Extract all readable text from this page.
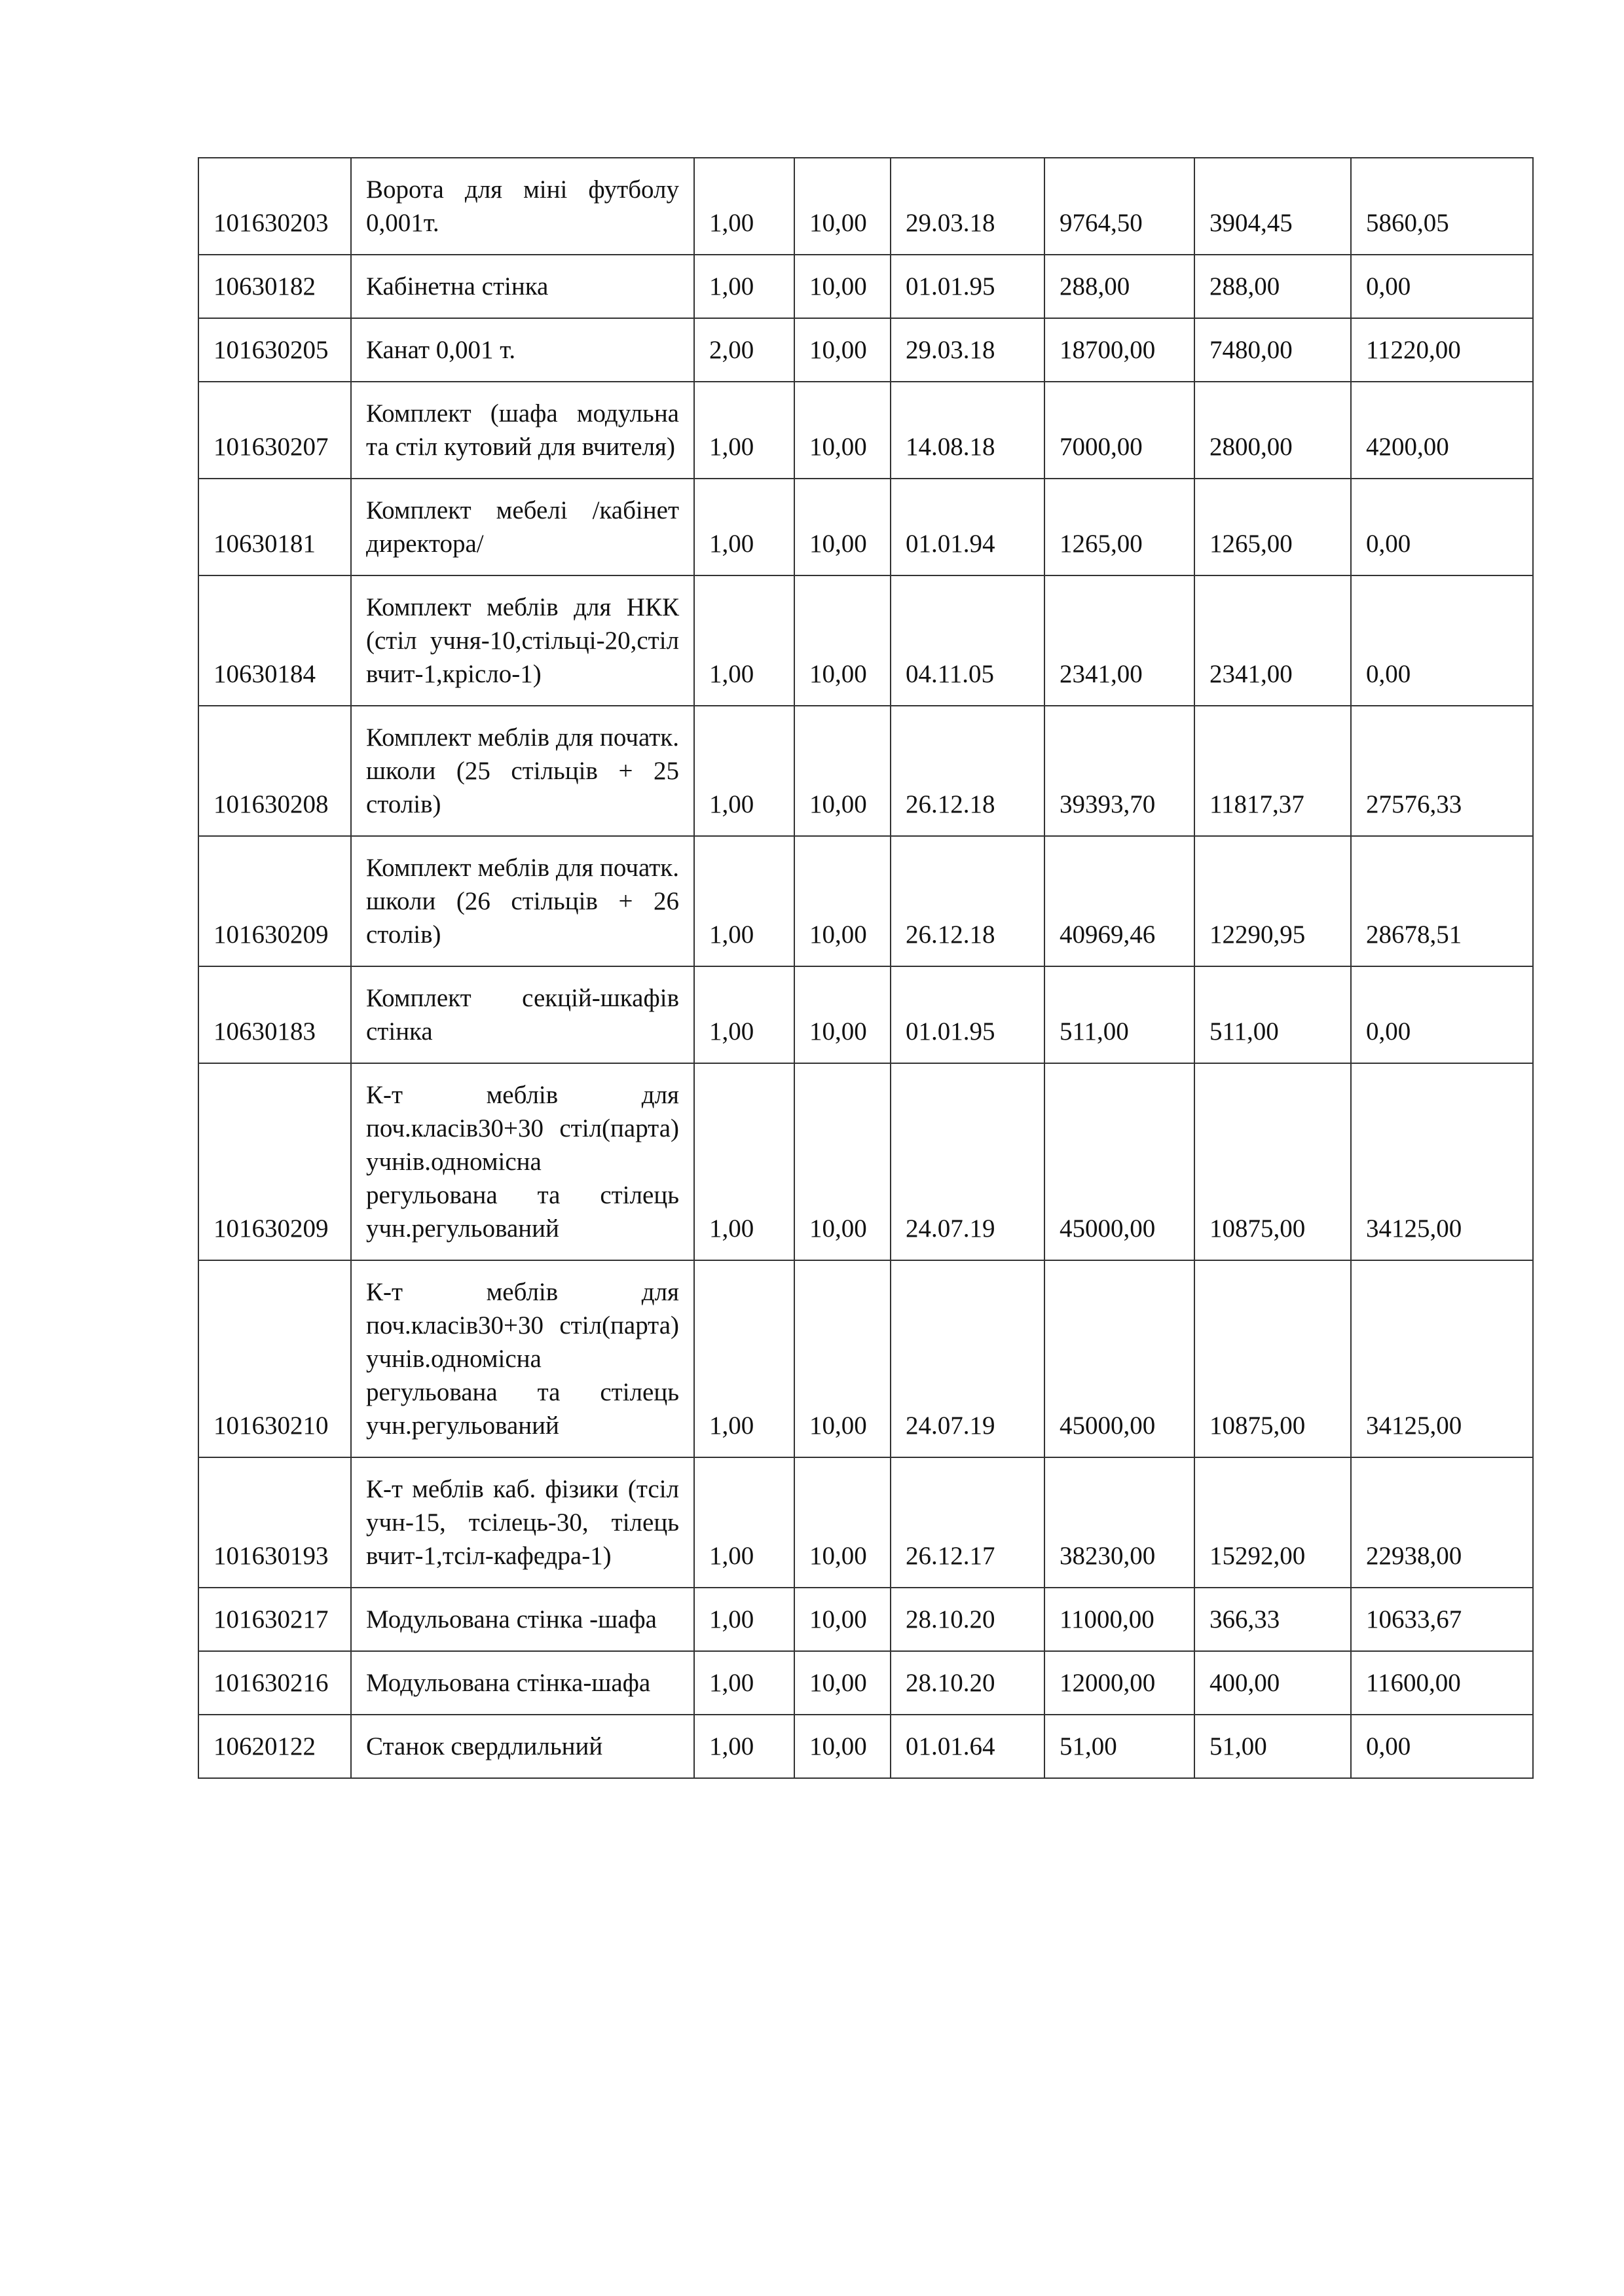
101630203	Ворота для міні футболу 0,001т.	1,00	10,00	29.03.18	9764,50	3904,45	5860,05
10630182	Кабінетна стінка	1,00	10,00	01.01.95	288,00	288,00	0,00
101630205	Канат 0,001 т.	2,00	10,00	29.03.18	18700,00	7480,00	11220,00
101630207	Комплект (шафа модульна та стіл кутовий для вчителя)	1,00	10,00	14.08.18	7000,00	2800,00	4200,00
10630181	Комплект мебелі /кабінет директора/	1,00	10,00	01.01.94	1265,00	1265,00	0,00
10630184	Комплект меблів для НКК (стіл учня-10,стільці-20,стіл вчит-1,крісло-1)	1,00	10,00	04.11.05	2341,00	2341,00	0,00
101630208	Комплект меблів для початк. школи (25 стільців + 25 столів)	1,00	10,00	26.12.18	39393,70	11817,37	27576,33
101630209	Комплект меблів для початк. школи (26 стільців + 26 столів)	1,00	10,00	26.12.18	40969,46	12290,95	28678,51
10630183	Комплект секцій-шкафів стінка	1,00	10,00	01.01.95	511,00	511,00	0,00
101630209	К-т меблів для поч.класів30+30 стіл(парта) учнів.одномісна регульована та стілець учн.регульований	1,00	10,00	24.07.19	45000,00	10875,00	34125,00
101630210	К-т меблів для поч.класів30+30 стіл(парта) учнів.одномісна регульована та стілець учн.регульований	1,00	10,00	24.07.19	45000,00	10875,00	34125,00
101630193	К-т меблів каб. фізики (тсіл учн-15, тсілець-30, тілець вчит-1,тсіл-кафедра-1)	1,00	10,00	26.12.17	38230,00	15292,00	22938,00
101630217	Модульована стінка -шафа	1,00	10,00	28.10.20	11000,00	366,33	10633,67
101630216	Модульована стінка-шафа	1,00	10,00	28.10.20	12000,00	400,00	11600,00
10620122	Станок свердлильний	1,00	10,00	01.01.64	51,00	51,00	0,00
